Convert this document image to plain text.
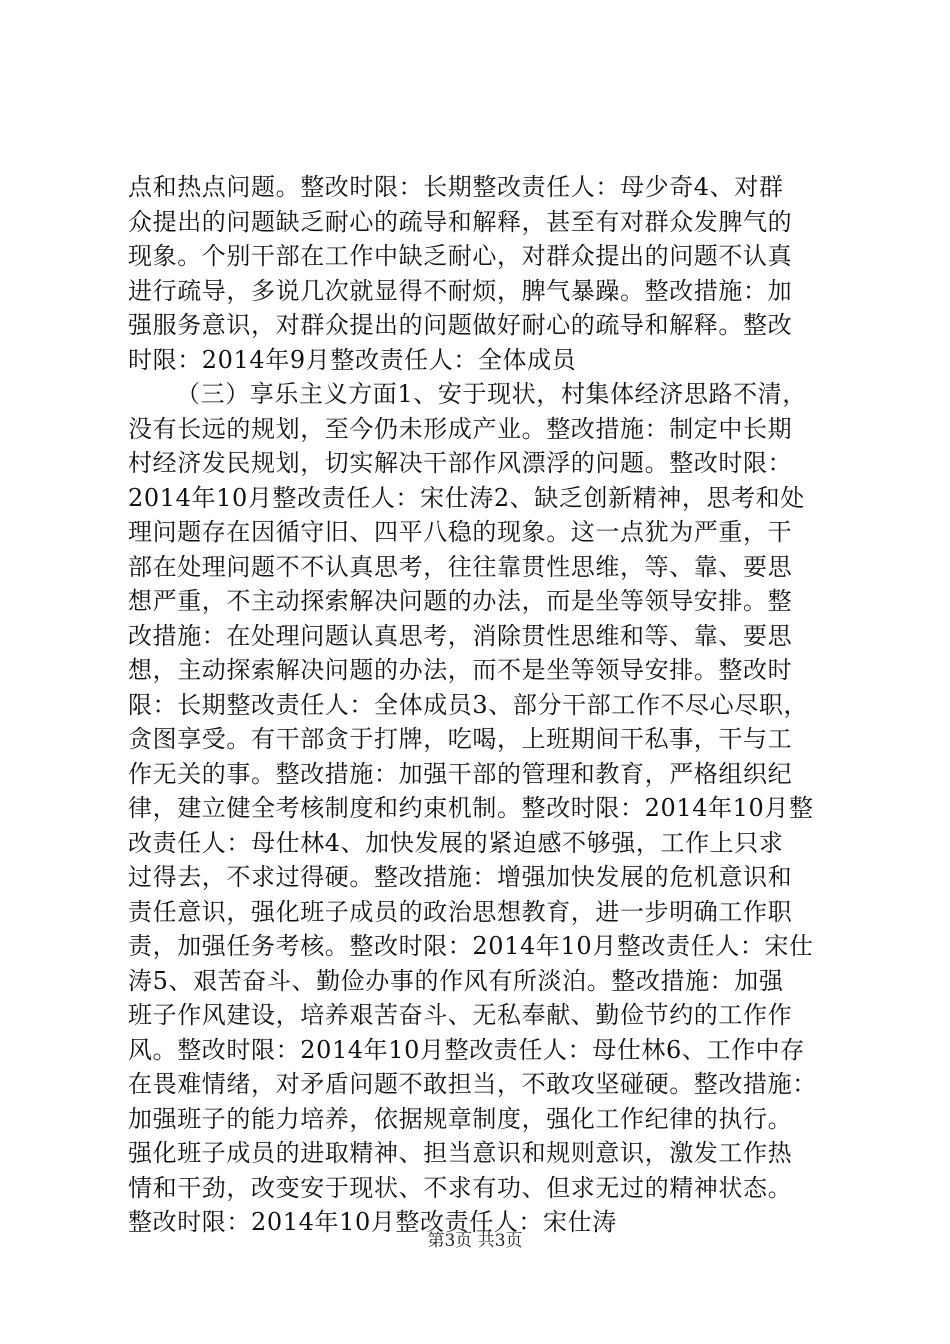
点和热点问题。整改时限：长期整改责任人：母少奇4、对群
众提出的问题缺乏耐心的疏导和解释，甚至有对群众发脾气的
现象。个别干部在工作中缺乏耐心，对群众提出的问题不认真
进行疏导，多说几次就显得不耐烦，脾气暴躁。整改措施：加
强服务意识，对群众提出的问题做好耐心的疏导和解释。整改
时限：2014年9月整改责任人：全体成员
（三）享乐主义方面1、安于现状，村集体经济思路不清，
没有长远的规划，至今仍未形成产业。整改措施：制定中长期
村经济发民规划，切实解决干部作风漂浮的问题。整改时限：
2014年10月整改责任人：宋仕涛2、缺乏创新精神，思考和处
理问题存在因循守旧、四平八稳的现象。这一点犹为严重，干
部在处理问题不不认真思考，往往靠贯性思维，等、靠、要思
想严重，不主动探索解决问题的办法，而是坐等领导安排。整
改措施：在处理问题认真思考，消除贯性思维和等、靠、要思
想，主动探索解决问题的办法，而不是坐等领导安排。整改时
限：长期整改责任人：全体成员3、部分干部工作不尽心尽职，
贪图享受。有干部贪于打牌，吃喝，上班期间干私事，干与工
作无关的事。整改措施：加强干部的管理和教育，严格组织纪
律，建立健全考核制度和约束机制。整改时限：2014年10月整
改责任人：母仕林4、加快发展的紧迫感不够强，工作上只求
过得去，不求过得硬。整改措施：增强加快发展的危机意识和
责任意识，强化班子成员的政治思想教育，进一步明确工作职
责，加强任务考核。整改时限：2014年10月整改责任人：宋仕
涛5、艰苦奋斗、勤俭办事的作风有所淡泊。整改措施：加强
班子作风建设，培养艰苦奋斗、无私奉献、勤俭节约的工作作
风。整改时限：2014年10月整改责任人：母仕林6、工作中存
在畏难情绪，对矛盾问题不敢担当，不敢攻坚碰硬。整改措施：
加强班子的能力培养，依据规章制度，强化工作纪律的执行。
强化班子成员的进取精神、担当意识和规则意识，激发工作热
情和干劲，改变安于现状、不求有功、但求无过的精神状态。
整改时限：2014年10月整改责任人：宋仕涛
第3页 共3页
